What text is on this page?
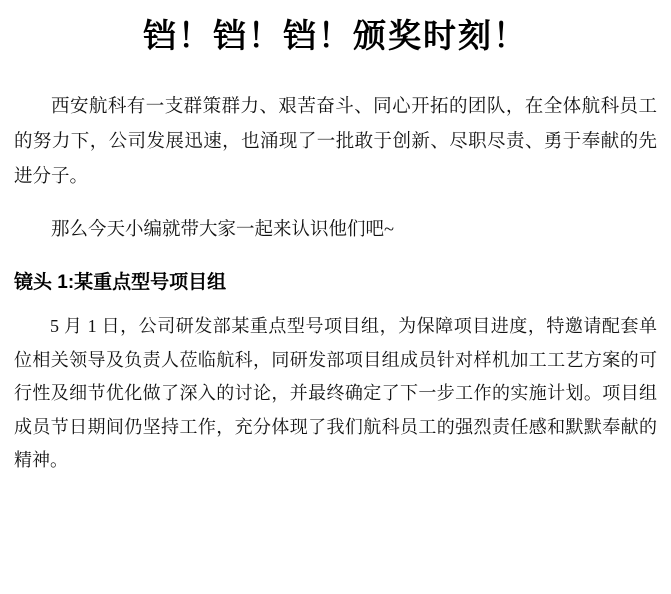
铛！铛！铛！颁奖时刻！

西安航科有一支群策群力、艰苦奋斗、同心开拓的团队，在全体航科员工的努力下，公司发展迅速，也涌现了一批敢于创新、尽职尽责、勇于奉献的先进分子。

那么今天小编就带大家一起来认识他们吧~

镜头 1:某重点型号项目组

5 月 1 日，公司研发部某重点型号项目组，为保障项目进度，特邀请配套单位相关领导及负责人莅临航科，同研发部项目组成员针对样机加工工艺方案的可行性及细节优化做了深入的讨论，并最终确定了下一步工作的实施计划。项目组成员节日期间仍坚持工作，充分体现了我们航科员工的强烈责任感和默默奉献的精神。
